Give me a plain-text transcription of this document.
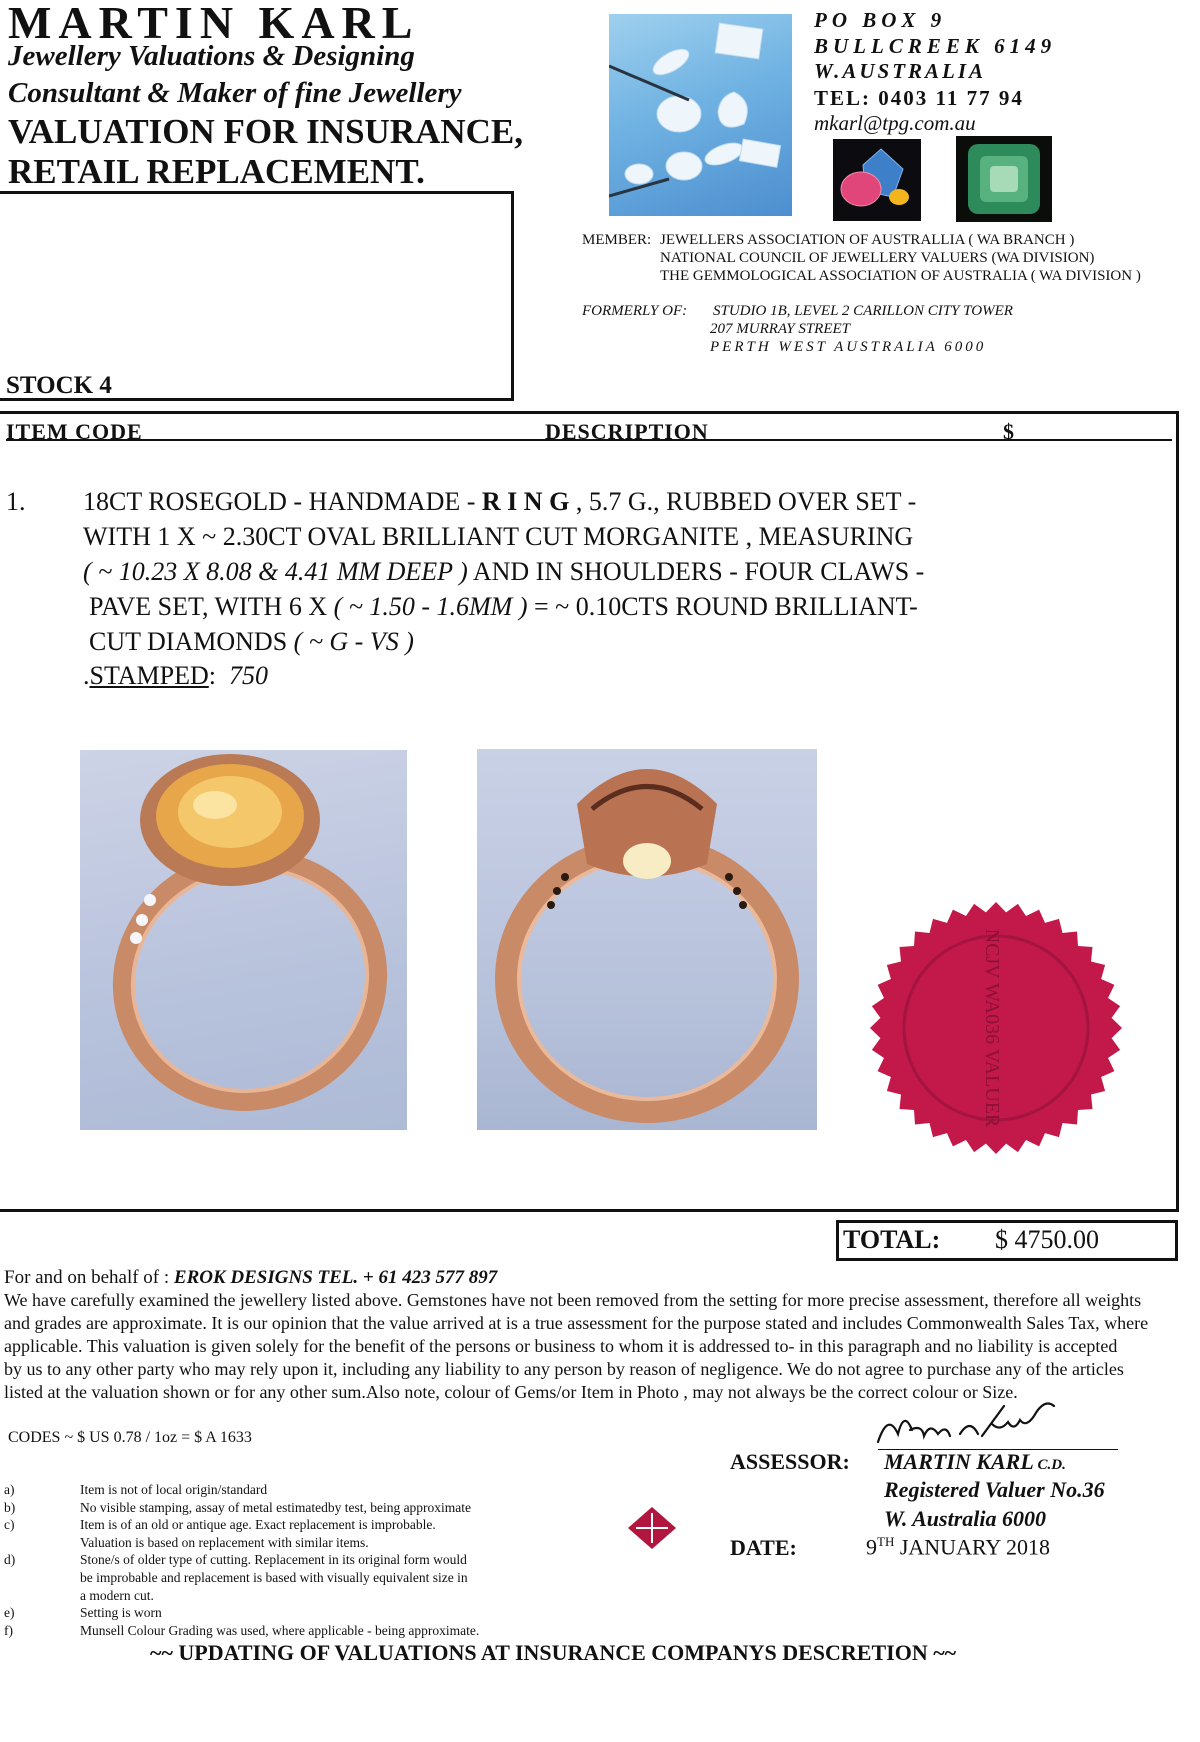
MARTIN KARL
Jewellery Valuations & Designing
Consultant & Maker of fine Jewellery
VALUATION FOR INSURANCE,
RETAIL REPLACEMENT.
STOCK 4
PO BOX 9
BULLCREEK 6149
W.AUSTRALIA
TEL: 0403 11 77 94
mkarl@tpg.com.au
MEMBER: JEWELLERS ASSOCIATION OF AUSTRALLIA ( WA BRANCH )
NATIONAL COUNCIL OF JEWELLERY VALUERS (WA DIVISION)
THE GEMMOLOGICAL ASSOCIATION OF AUSTRALIA ( WA DIVISION )
FORMERLY OF: STUDIO 1B, LEVEL 2 CARILLON CITY TOWER
207 MURRAY STREET
PERTH WEST AUSTRALIA 6000
ITEM CODE	DESCRIPTION	$
1. 18CT ROSEGOLD - HANDMADE - R I N G , 5.7 G., RUBBED OVER SET -
WITH 1 X ~ 2.30CT OVAL BRILLIANT CUT MORGANITE , MEASURING
( ~ 10.23 X 8.08 & 4.41 MM DEEP ) AND IN SHOULDERS - FOUR CLAWS -
PAVE SET, WITH 6 X ( ~ 1.50 - 1.6MM ) = ~ 0.10CTS ROUND BRILLIANT-
CUT DIAMONDS ( ~ G - VS )
.STAMPED: 750
NCJV WA036 VALUER
TOTAL: $ 4750.00
For and on behalf of : EROK DESIGNS TEL. + 61 423 577 897
We have carefully examined the jewellery listed above. Gemstones have not been removed from the setting for more precise assessment, therefore all weights
and grades are approximate. It is our opinion that the value arrived at is a true assessment for the purpose stated and includes Commonwealth Sales Tax, where
applicable. This valuation is given solely for the benefit of the persons or business to whom it is addressed to- in this paragraph and no liability is accepted
by us to any other party who may rely upon it, including any liability to any person by reason of negligence. We do not agree to purchase any of the articles
listed at the valuation shown or for any other sum.Also note, colour of Gems/or Item in Photo , may not always be the correct colour or Size.
CODES ~ $ US 0.78 / 1oz = $ A 1633
a)	Item is not of local origin/standard
b)	No visible stamping, assay of metal estimatedby test, being approximate
c)	Item is of an old or antique age. Exact replacement is improbable.
Valuation is based on replacement with similar items.
d)	Stone/s of older type of cutting. Replacement in its original form would
be improbable and replacement is based with visually equivalent size in
a modern cut.
e)	Setting is worn
f)	Munsell Colour Grading was used, where applicable - being approximate.
ASSESSOR: MARTIN KARL C.D.
Registered Valuer No.36
W. Australia 6000
DATE:	9TH JANUARY 2018
~~ UPDATING OF VALUATIONS AT INSURANCE COMPANYS DESCRETION ~~
